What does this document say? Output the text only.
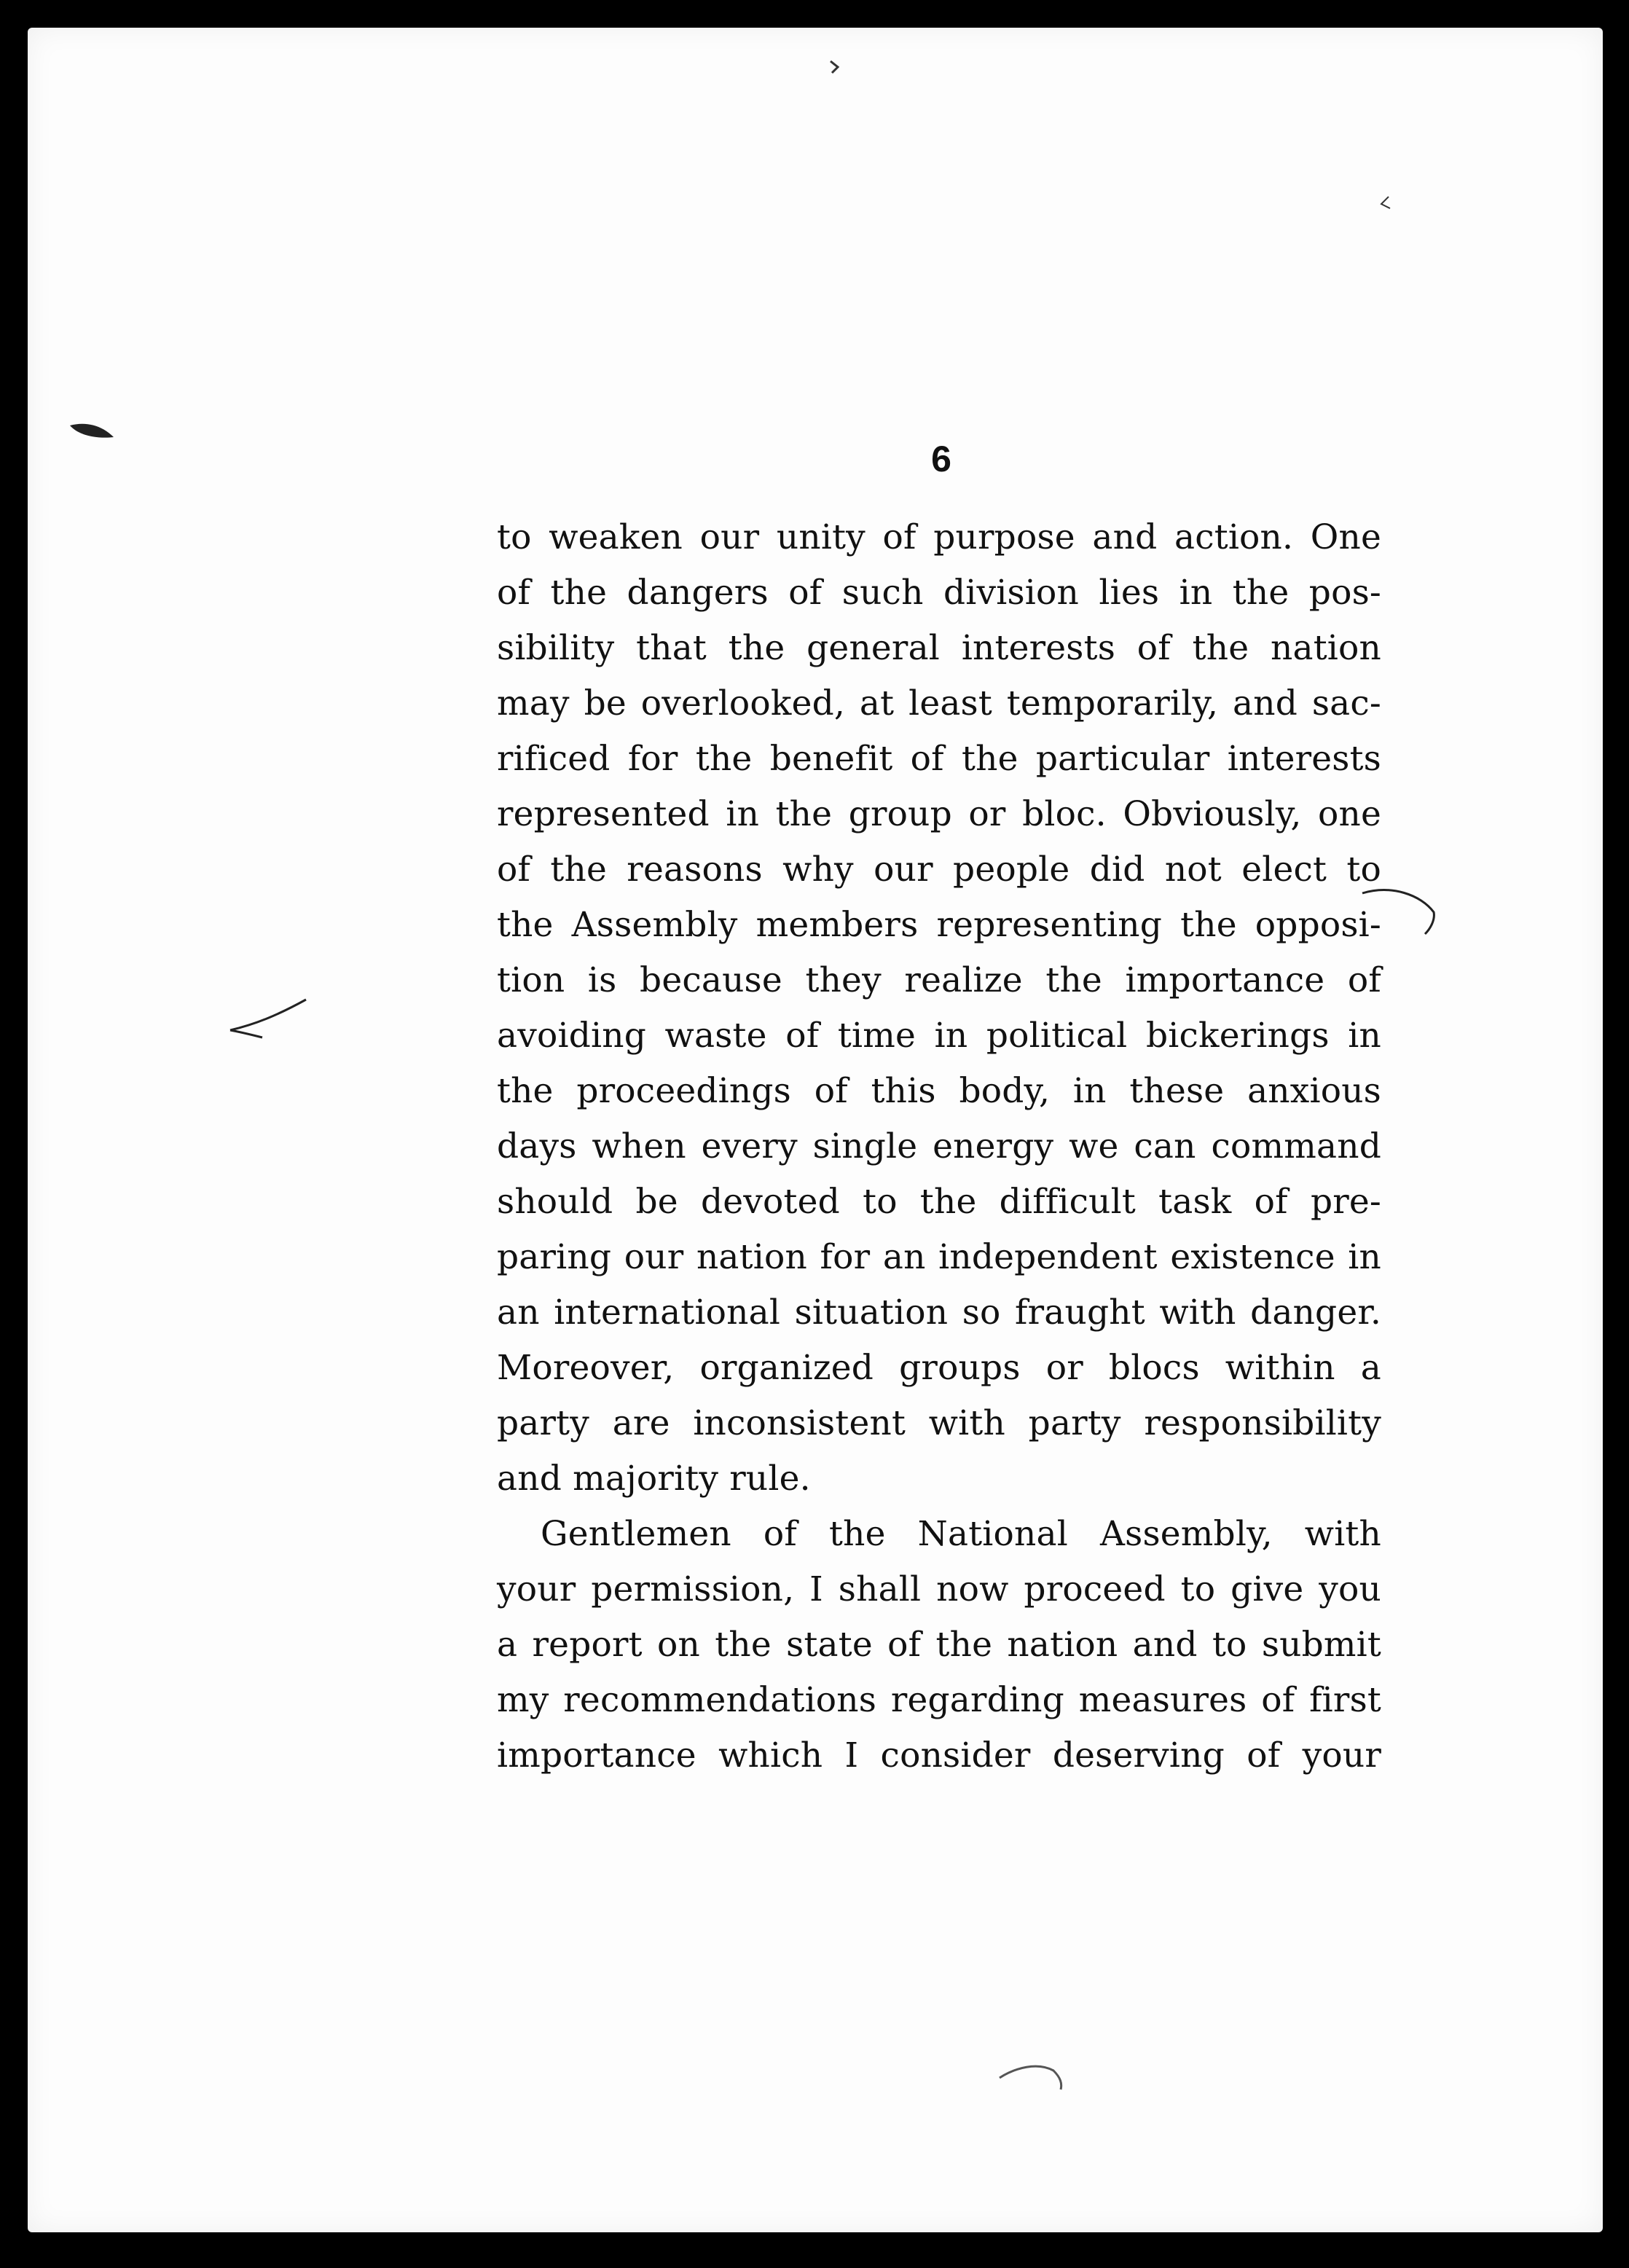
6
to weaken our unity of purpose and action. One
of the dangers of such division lies in the pos-
sibility that the general interests of the nation
may be overlooked, at least temporarily, and sac-
rificed for the benefit of the particular interests
represented in the group or bloc. Obviously, one
of the reasons why our people did not elect to
the Assembly members representing the opposi-
tion is because they realize the importance of
avoiding waste of time in political bickerings in
the proceedings of this body, in these anxious
days when every single energy we can command
should be devoted to the difficult task of pre-
paring our nation for an independent existence in
an international situation so fraught with danger.
Moreover, organized groups or blocs within a
party are inconsistent with party responsibility
and majority rule.
Gentlemen of the National Assembly, with
your permission, I shall now proceed to give you
a report on the state of the nation and to submit
my recommendations regarding measures of first
importance which I consider deserving of your
